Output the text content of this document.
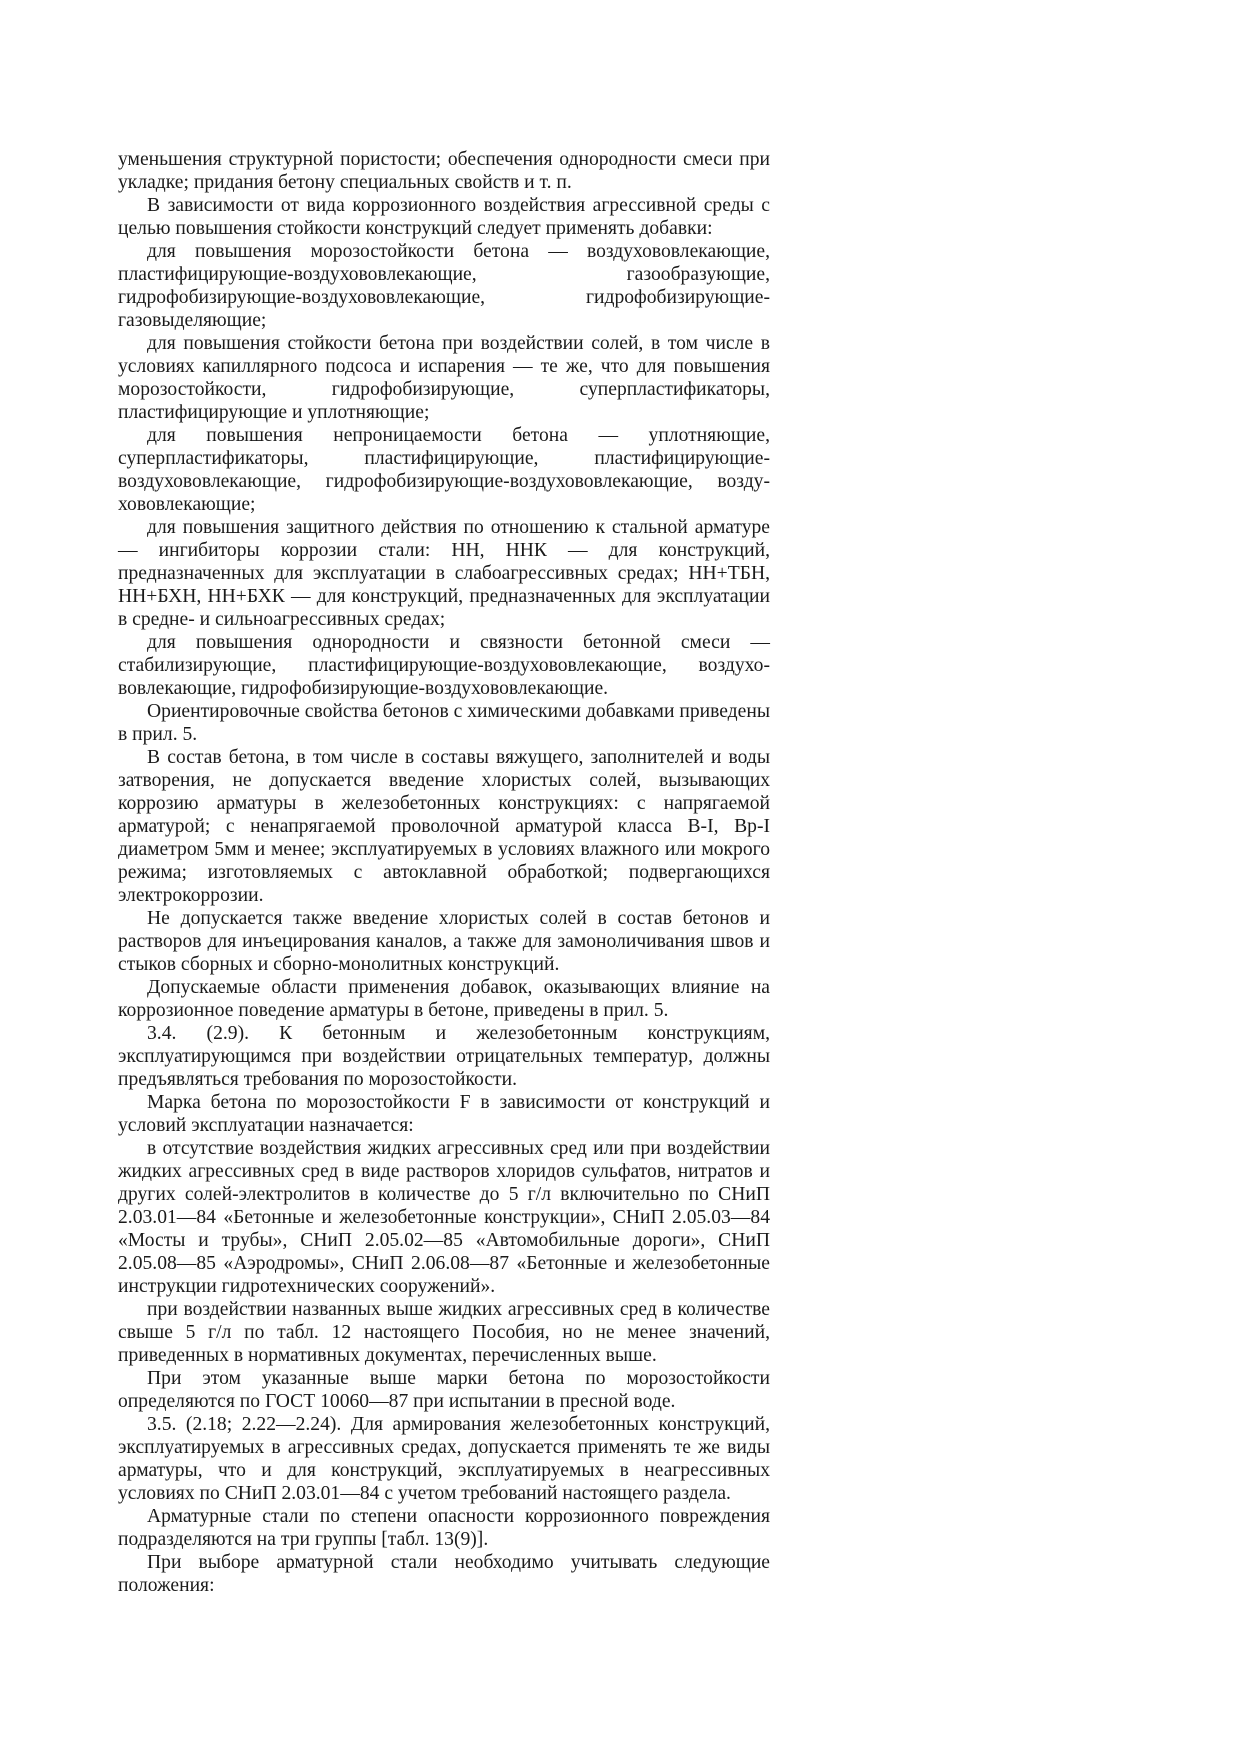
уменьшения структурной пористости; обеспечения однородности смеси при укладке; придания бетону специальных свойств и т. п.

В зависимости от вида коррозионного воздействия агрессивной среды с целью повышения стойкости конструкций следует применять добавки:

для повышения морозостойкости бетона — воздухововлекающие, пластифицирующие-воздухововлекающие, газообразующие, гидрофобизирующие-воздухововлекающие, гидрофобизирующие-газовыделяющие;

для повышения стойкости бетона при воздействии солей, в том числе в условиях капиллярного подсоса и испарения — те же, что для повышения морозостойкости, гидрофобизирующие, суперпластификаторы, пластифицирующие и уплотняющие;

для повышения непроницаемости бетона — уплотняющие, суперпластификаторы, пластифицирующие, пластифицирующие-воздухововлекающие, гидрофобизирующие-воздухововлекающие, воздухововлекающие;

для повышения защитного действия по отношению к стальной арматуре — ингибиторы коррозии стали: НН, ННК — для конструкций, предназначенных для эксплуатации в слабоагрессивных средах; НН+ТБН, НН+БХН, НН+БХК — для конструкций, предназначенных для эксплуатации в средне- и сильноагрессивных средах;

для повышения однородности и связности бетонной смеси — стабилизирующие, пластифицирующие-воздухововлекающие, воздухововлекающие, гидрофобизирующие-воздухововлекающие.

Ориентировочные свойства бетонов с химическими добавками приведены в прил. 5.

В состав бетона, в том числе в составы вяжущего, заполнителей и воды затворения, не допускается введение хлористых солей, вызывающих коррозию арматуры в железобетонных конструкциях: с напрягаемой арматурой; с ненапрягаемой проволочной арматурой класса В-I, Вр-I диаметром 5мм и менее; эксплуатируемых в условиях влажного или мокрого режима; изготовляемых с автоклавной обработкой; подвергающихся электрокоррозии.

Не допускается также введение хлористых солей в состав бетонов и растворов для инъецирования каналов, а также для замоноличивания швов и стыков сборных и сборно-монолитных конструкций.

Допускаемые области применения добавок, оказывающих влияние на коррозионное поведение арматуры в бетоне, приведены в прил. 5.

3.4. (2.9). К бетонным и железобетонным конструкциям, эксплуатирующимся при воздействии отрицательных температур, должны предъявляться требования по морозостойкости.

Марка бетона по морозостойкости F в зависимости от конструкций и условий эксплуатации назначается:

в отсутствие воздействия жидких агрессивных сред или при воздействии жидких агрессивных сред в виде растворов хлоридов сульфатов, нитратов и других солей-электролитов в количестве до 5 г/л включительно по СНиП 2.03.01—84 «Бетонные и железобетонные конструкции», СНиП 2.05.03—84 «Мосты и трубы», СНиП 2.05.02—85 «Автомобильные дороги», СНиП 2.05.08—85 «Аэродромы», СНиП 2.06.08—87 «Бетонные и железобетонные инструкции гидротехнических сооружений».

при воздействии названных выше жидких агрессивных сред в количестве свыше 5 г/л по табл. 12 настоящего Пособия, но не менее значений, приведенных в нормативных документах, перечисленных выше.

При этом указанные выше марки бетона по морозостойкости определяются по ГОСТ 10060—87 при испытании в пресной воде.

3.5. (2.18; 2.22—2.24). Для армирования железобетонных конструкций, эксплуатируемых в агрессивных средах, допускается применять те же виды арматуры, что и для конструкций, эксплуатируемых в неагрессивных условиях по СНиП 2.03.01—84 с учетом требований настоящего раздела.

Арматурные стали по степени опасности коррозионного повреждения подразделяются на три группы [табл. 13(9)].

При выборе арматурной стали необходимо учитывать следующие положения:
